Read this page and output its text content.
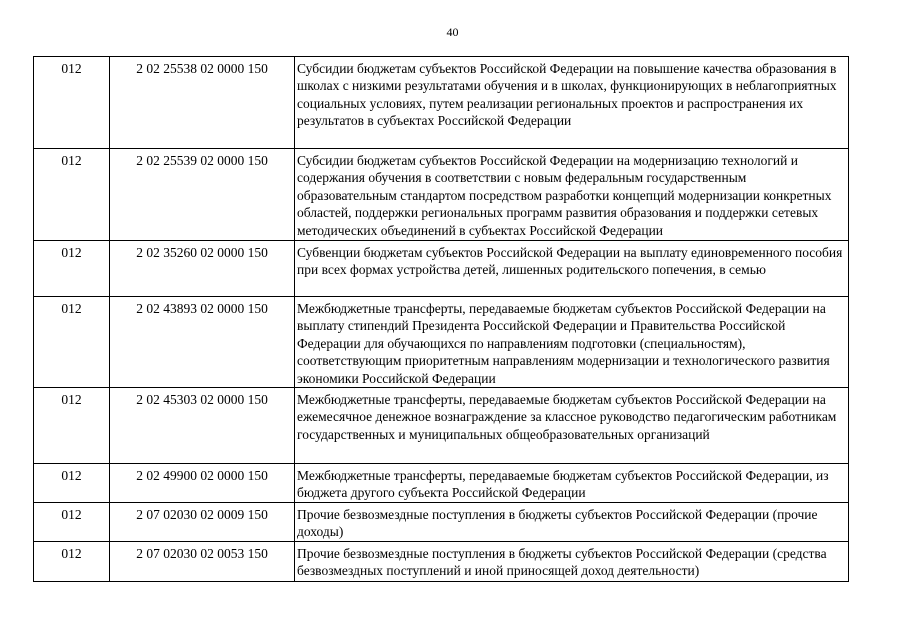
40
012	2 02 25538 02 0000 150	Субсидии бюджетам субъектов Российской Федерации на повышение качества образования в школах с низкими результатами обучения и в школах, функционирующих в неблагоприятных социальных условиях, путем реализации региональных проектов и распространения их результатов в субъектах Российской Федерации
012	2 02 25539 02 0000 150	Субсидии бюджетам субъектов Российской Федерации на модернизацию технологий и содержания обучения в соответствии с новым федеральным государственным образовательным стандартом посредством разработки концепций модернизации конкретных областей, поддержки региональных программ развития образования и поддержки сетевых методических объединений в субъектах Российской Федерации
012	2 02 35260 02 0000 150	Субвенции бюджетам субъектов Российской Федерации на выплату единовременного пособия при всех формах устройства детей, лишенных родительского попечения, в семью
012	2 02 43893 02 0000 150	Межбюджетные трансферты, передаваемые бюджетам субъектов Российской Федерации на выплату стипендий Президента Российской Федерации и Правительства Российской Федерации для обучающихся по направлениям подготовки (специальностям), соответствующим приоритетным направлениям модернизации и технологического развития экономики Российской Федерации
012	2 02 45303 02 0000 150	Межбюджетные трансферты, передаваемые бюджетам субъектов Российской Федерации на ежемесячное денежное вознаграждение за классное руководство педагогическим работникам государственных и муниципальных общеобразовательных организаций
012	2 02 49900 02 0000 150	Межбюджетные трансферты, передаваемые бюджетам субъектов Российской Федерации, из бюджета другого субъекта Российской Федерации
012	2 07 02030 02 0009 150	Прочие безвозмездные поступления в бюджеты субъектов Российской Федерации (прочие доходы)
012	2 07 02030 02 0053 150	Прочие безвозмездные поступления в бюджеты субъектов Российской Федерации (средства безвозмездных поступлений и иной приносящей доход деятельности)
